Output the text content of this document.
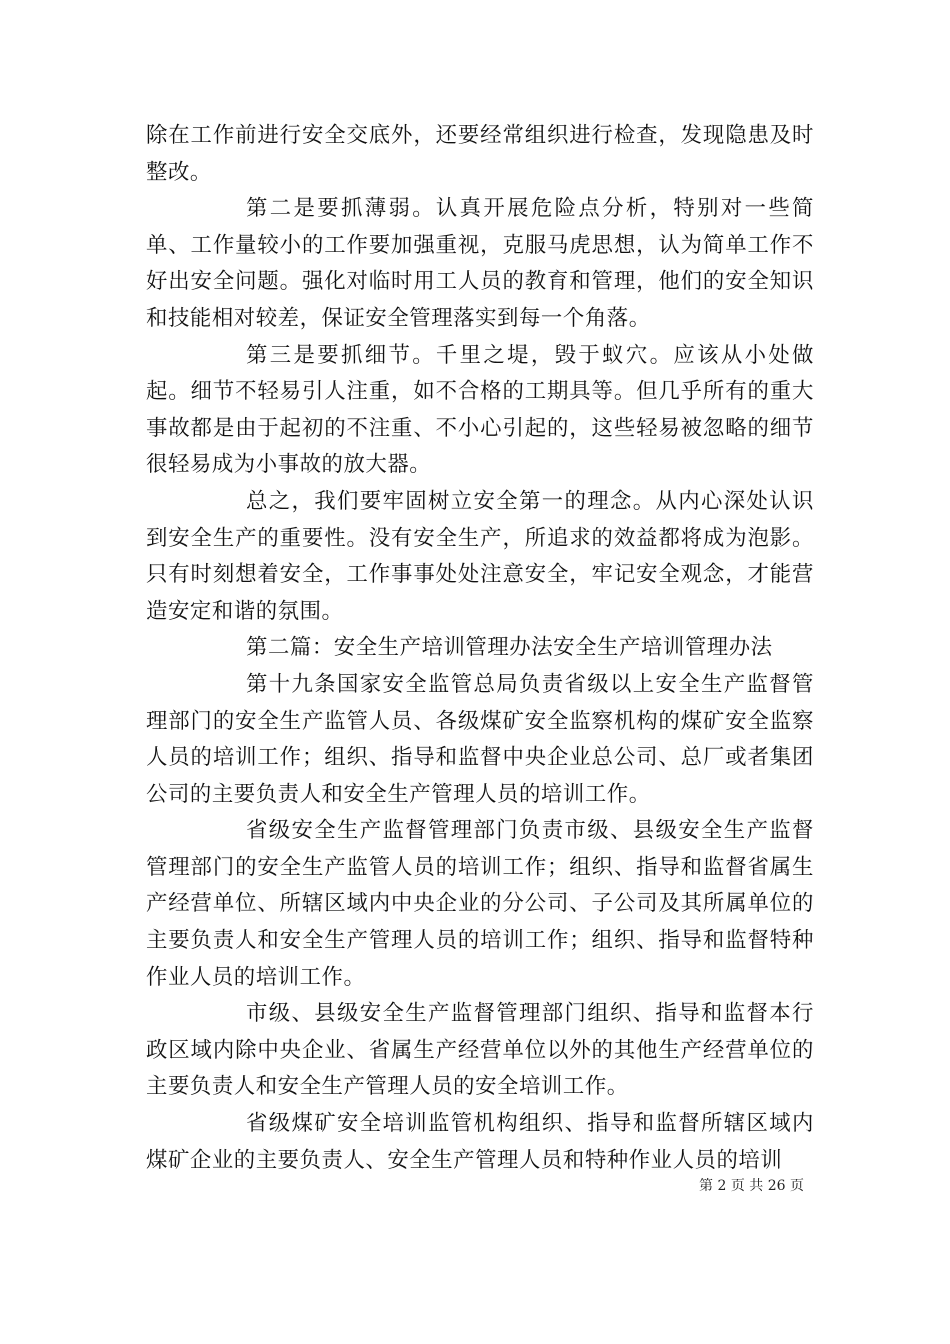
除在工作前进行安全交底外，还要经常组织进行检查，发现隐患及时整改。

第二是要抓薄弱。认真开展危险点分析，特别对一些简单、工作量较小的工作要加强重视，克服马虎思想，认为简单工作不好出安全问题。强化对临时用工人员的教育和管理，他们的安全知识和技能相对较差，保证安全管理落实到每一个角落。

第三是要抓细节。千里之堤，毁于蚁穴。应该从小处做起。细节不轻易引人注重，如不合格的工期具等。但几乎所有的重大事故都是由于起初的不注重、不小心引起的，这些轻易被忽略的细节很轻易成为小事故的放大器。

总之，我们要牢固树立安全第一的理念。从内心深处认识到安全生产的重要性。没有安全生产，所追求的效益都将成为泡影。只有时刻想着安全，工作事事处处注意安全，牢记安全观念，才能营造安定和谐的氛围。

第二篇：安全生产培训管理办法安全生产培训管理办法

第十九条国家安全监管总局负责省级以上安全生产监督管理部门的安全生产监管人员、各级煤矿安全监察机构的煤矿安全监察人员的培训工作；组织、指导和监督中央企业总公司、总厂或者集团公司的主要负责人和安全生产管理人员的培训工作。

省级安全生产监督管理部门负责市级、县级安全生产监督管理部门的安全生产监管人员的培训工作；组织、指导和监督省属生产经营单位、所辖区域内中央企业的分公司、子公司及其所属单位的主要负责人和安全生产管理人员的培训工作；组织、指导和监督特种作业人员的培训工作。

市级、县级安全生产监督管理部门组织、指导和监督本行政区域内除中央企业、省属生产经营单位以外的其他生产经营单位的主要负责人和安全生产管理人员的安全培训工作。

省级煤矿安全培训监管机构组织、指导和监督所辖区域内煤矿企业的主要负责人、安全生产管理人员和特种作业人员的培训

第 2 页 共 26 页
